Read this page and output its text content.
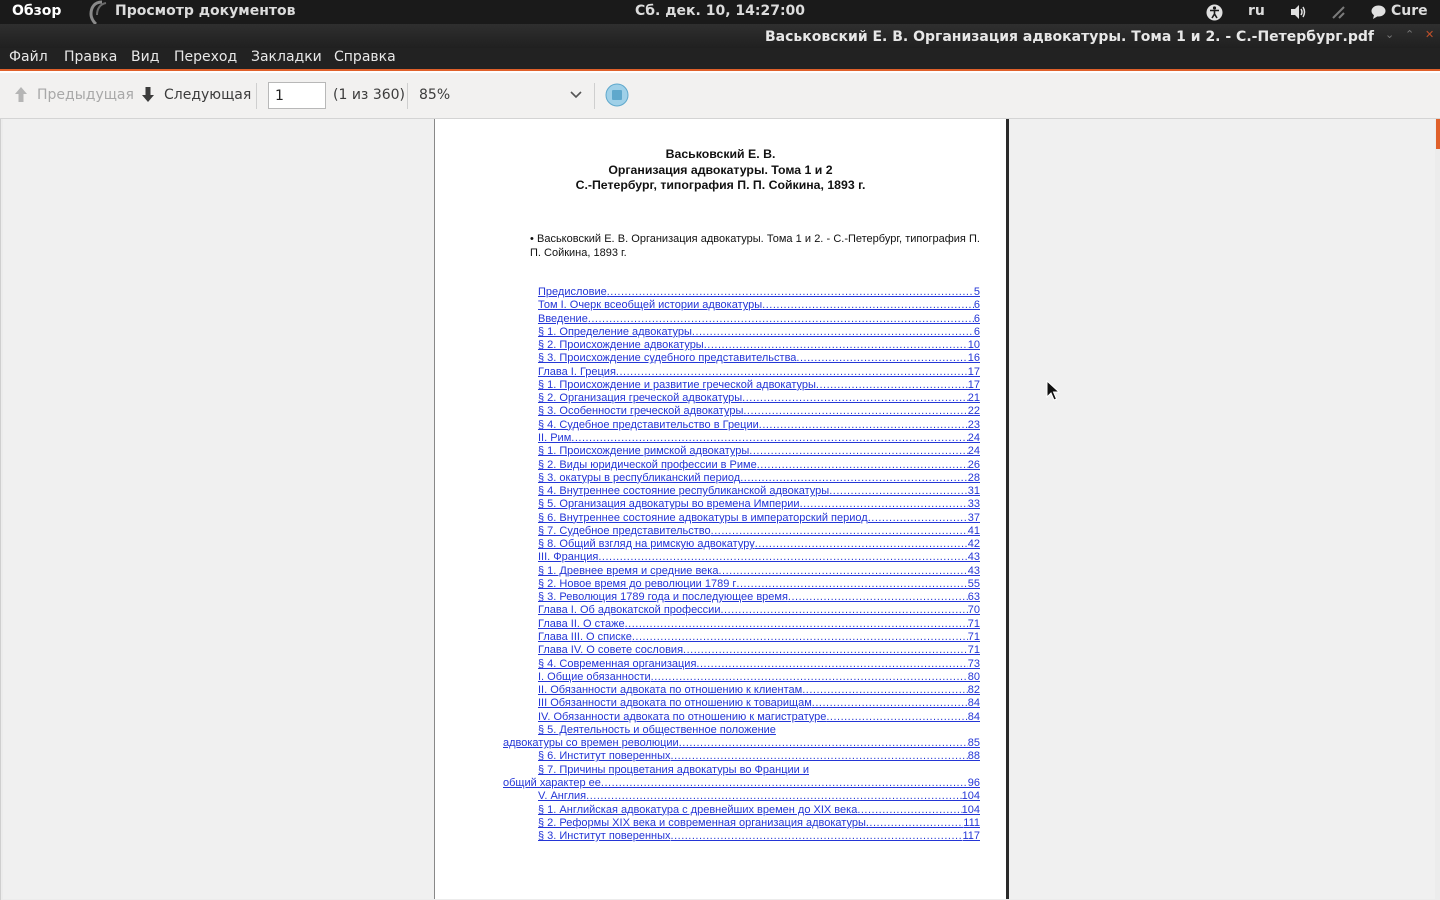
Обзор	Просмотр документов	Сб. дек. 10, 14:27:00	ru	Cure
Васьковский Е. В. Организация адвокатуры. Тома 1 и 2. - С.-Петербург.pdf ⌄ ⌃ ✕
Файл Правка Вид Переход Закладки Справка
Предыдущая Следующая
1	(1 из 360) 85%
Васьковский Е. В.
Организация адвокатуры. Тома 1 и 2
С.-Петербург, типография П. П. Сойкина, 1893 г.
• Васьковский Е. В. Организация адвокатуры. Тома 1 и 2. - С.-Петербург, типография П. П. Сойкина, 1893 г.
Предисловие .....	5
Том I. Очерк всеобщей истории адвокатуры .....	6
Введение .....	6
§ 1. Определение адвокатуры .....	6
§ 2. Происхождение адвокатуры .....	10
§ 3. Происхождение судебного представительства .....	16
Глава I. Греция .....	17
§ 1. Происхождение и развитие греческой адвокатуры .....	17
§ 2. Организация греческой адвокатуры .....	21
§ 3. Особенности греческой адвокатуры .....	22
§ 4. Судебное представительство в Греции .....	23
II. Рим .....	24
§ 1. Происхождение римской адвокатуры .....	24
§ 2. Виды юридической профессии в Риме .....	26
§ 3. окатуры в республиканский период .....	28
§ 4. Внутреннее состояние республиканской адвокатуры .....	31
§ 5. Организация адвокатуры во времена Империи .....	33
§ 6. Внутреннее состояние адвокатуры в императорский период .....	37
§ 7. Судебное представительство .....	41
§ 8. Общий взгляд на римскую адвокатуру .....	42
III. Франция .....	43
§ 1. Древнее время и средние века .....	43
§ 2. Новое время до революции 1789 г .....	55
§ 3. Революция 1789 года и последующее время .....	63
Глава I. Об адвокатской профессии .....	70
Глава II. О стаже .....	71
Глава III. О списке .....	71
Глава IV. О совете сословия .....	71
§ 4. Современная организация .....	73
I. Общие обязанности .....	80
II. Обязанности адвоката по отношению к клиентам .....	82
III Обязанности адвоката по отношению к товарищам .....	84
IV. Обязанности адвоката по отношению к магистратуре .....	84
§ 5. Деятельность и общественное положение
адвокатуры со времен революции .....	85
§ 6. Институт поверенных .....	88
§ 7. Причины процветания адвокатуры во Франции и
общий характер ее .....	96
V. Англия .....	104
§ 1. Английская адвокатура с древнейших времен до XIX века .....	104
§ 2. Реформы XIX века и современная организация адвокатуры .....	111
§ 3. Институт поверенных .....	117
